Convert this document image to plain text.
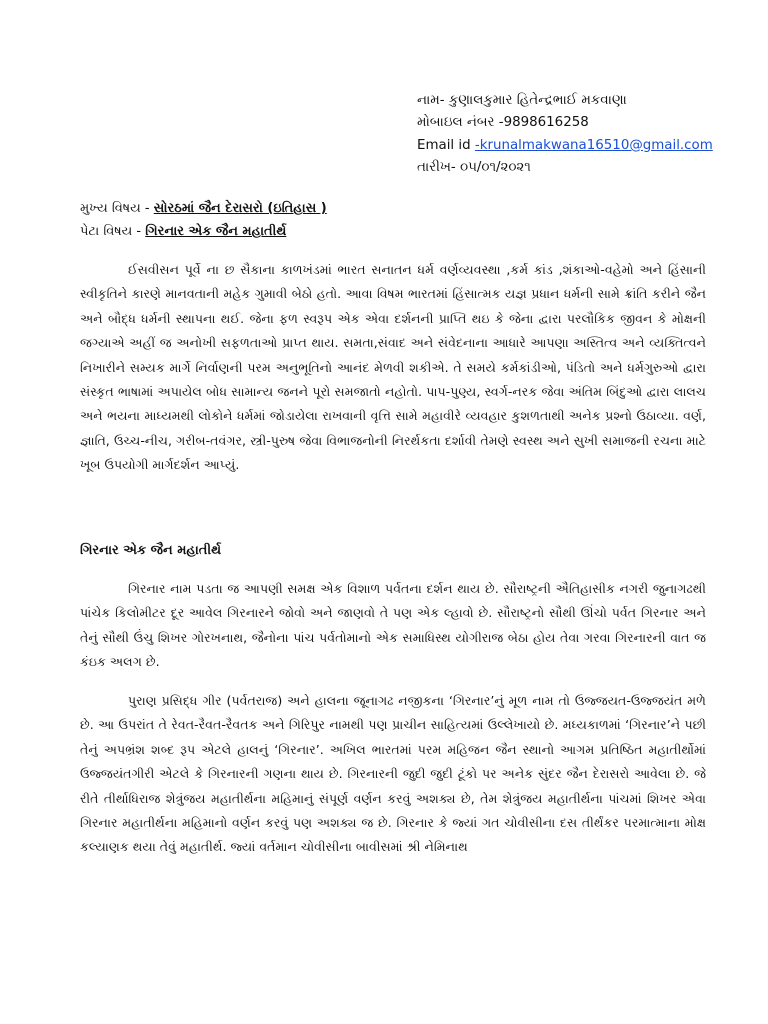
નામ- કુણાલકુમાર હિતેન્દ્રભાઈ મકવાણા
મોબાઇલ નંબર -9898616258
Email id -krunalmakwana16510@gmail.com
તારીખ- ૦૫/૦૧/૨૦૨૧
મુખ્ય વિષય - સોરઠમાં જૈન દેરાસરો (ઇતિહાસ )
પેટા વિષય - ગિરનાર એક જૈન મહાતીર્થ

ઈસવીસન પૂર્વે ના છ સૈકાના કાળખંડમાં ભારત સનાતન ધર્મ વર્ણવ્યવસ્થા ,કર્મ કાંડ ,શંકાઓ-વહેમો અને હિંસાની સ્વીકૃતિને કારણે માનવતાની મહેક ગુમાવી બેઠો હતો. આવા વિષમ ભારતમાં હિંસાત્મક યજ્ઞ પ્રધાન ધર્મની સામે ક્રાંતિ કરીને જૈન અને બૌદ્ધ ધર્મની સ્થાપના થઈ. જેના ફળ સ્વરૂપ એક એવા દર્શનની પ્રાપ્તિ થઇ કે જેના દ્વારા પરલૌકિક જીવન કે મોક્ષની જગ્યાએ અહીં જ અનોખી સફળતાઓ પ્રાપ્ત થાય. સમતા,સંવાદ અને સંવેદનાના આધારે આપણા અસ્તિત્વ અને વ્યક્તિત્વને નિખારીને સમ્યક માર્ગે નિર્વાણની પરમ અનુભૂતિનો આનંદ મેળવી શકીએ. તે સમયે કર્મકાંડીઓ, પંડિતો અને ધર્મગુરુઓ દ્વારા સંસ્કૃત ભાષામાં અપાયેલ બોધ સામાન્ય જનને પૂરો સમજાતો નહોતો. પાપ-પુણ્ય, સ્વર્ગ-નરક જેવા અંતિમ બિંદુઓ દ્વારા લાલચ અને ભયના માધ્યમથી લોકોને ધર્મમાં જોડાયેલા રાખવાની વૃત્તિ સામે મહાવીરે વ્યવહાર કુશળતાથી અનેક પ્રશ્નો ઉઠાવ્યા. વર્ણ, જ્ઞાતિ, ઉચ્ચ-નીચ, ગરીબ-તવંગર, સ્ત્રી-પુરુષ જેવા વિભાજનોની નિરર્થકતા દર્શાવી તેમણે સ્વસ્થ અને સુખી સમાજની રચના માટે ખૂબ ઉપયોગી માર્ગદર્શન આપ્યું.

ગિરનાર એક જૈન મહાતીર્થ

ગિરનાર નામ પડતા જ આપણી સમક્ષ એક વિશાળ પર્વતના દર્શન થાય છે. સૌરાષ્ટ્રની ઐતિહાસીક નગરી જુનાગઢથી પાંચેક કિલોમીટર દૂર આવેલ ગિરનારને જોવો અને જાણવો તે પણ એક લ્હાવો છે. સૌરાષ્ટ્રનો સૌથી ઊંચો પર્વત ગિરનાર અને તેનું સૌથી ઉંચુ શિખર ગોરખનાથ, જૈનોના પાંચ પર્વતોમાનો એક સમાધિસ્થ યોગીરાજ બેઠા હોય તેવા ગરવા ગિરનારની વાત જ કંઇક અલગ છે.

પુરાણ પ્રસિદ્ધ ગીર (પર્વતરાજ) અને હાલના જૂનાગઢ નજીકના ‘ગિરનાર’નું મૂળ નામ તો ઉજ્જયત-ઉજ્જયંત મળે છે. આ ઉપરાંત તે રેવત-રૈવત-રૈવતક અને ગિરિપુર નામથી પણ પ્રાચીન સાહિત્યમાં ઉલ્લેખાયો છે. મધ્યકાળમાં ‘ગિરનાર’ને પછી તેનું અપભ્રંશ શબ્દ રૂપ એટલે હાલનું ‘ગિરનાર’. અખિલ ભારતમાં પરમ મહિજન જૈન સ્થાનો આગમ પ્રતિષ્ઠિત મહાતીર્થોમાં ઉજ્જયંતગીરી એટલે કે ગિરનારની ગણના થાય છે. ગિરનારની જુદી જુદી ટૂંકો પર અનેક સુંદર જૈન દેરાસરો આવેલા છે. જે રીતે તીર્થાધિરાજ શેત્રુંજય મહાતીર્થના મહિમાનું સંપૂર્ણ વર્ણન કરવું અશક્ય છે, તેમ શેત્રુંજય મહાતીર્થના પાંચમાં શિખર એવા ગિરનાર મહાતીર્થના મહિમાનો વર્ણન કરવું પણ અશક્ય જ છે. ગિરનાર કે જ્યાં ગત ચોવીસીના દસ તીર્થંકર પરમાત્માના મોક્ષ કલ્યાણક થયા તેવું મહાતીર્થ. જ્યાં વર્તમાન ચોવીસીના બાવીસમાં શ્રી નેમિનાથ
